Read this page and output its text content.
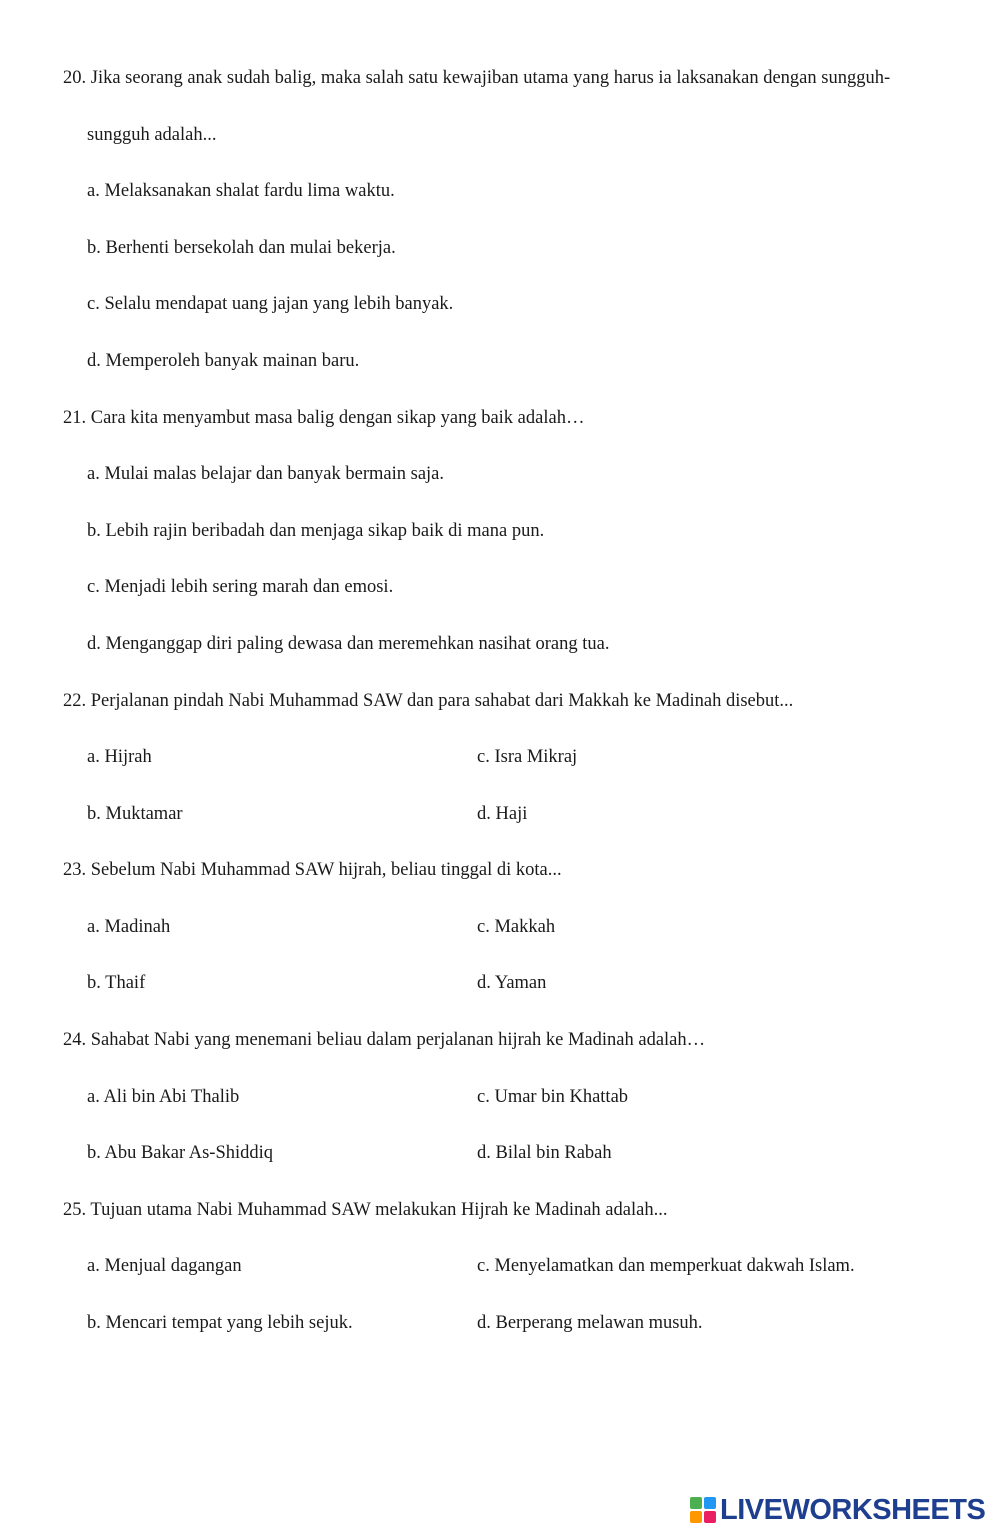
20. Jika seorang anak sudah balig, maka salah satu kewajiban utama yang harus ia laksanakan dengan sungguh-
sungguh adalah...
a. Melaksanakan shalat fardu lima waktu.
b. Berhenti bersekolah dan mulai bekerja.
c. Selalu mendapat uang jajan yang lebih banyak.
d. Memperoleh banyak mainan baru.
21. Cara kita menyambut masa balig dengan sikap yang baik adalah…
a. Mulai malas belajar dan banyak bermain saja.
b. Lebih rajin beribadah dan menjaga sikap baik di mana pun.
c. Menjadi lebih sering marah dan emosi.
d. Menganggap diri paling dewasa dan meremehkan nasihat orang tua.
22. Perjalanan pindah Nabi Muhammad SAW dan para sahabat dari Makkah ke Madinah disebut...
a. Hijrah	c. Isra Mikraj
b. Muktamar	d. Haji
23. Sebelum Nabi Muhammad SAW hijrah, beliau tinggal di kota...
a. Madinah	c. Makkah
b. Thaif	d. Yaman
24. Sahabat Nabi yang menemani beliau dalam perjalanan hijrah ke Madinah adalah…
a. Ali bin Abi Thalib	c. Umar bin Khattab
b. Abu Bakar As-Shiddiq	d. Bilal bin Rabah
25. Tujuan utama Nabi Muhammad SAW melakukan Hijrah ke Madinah adalah...
a. Menjual dagangan	c. Menyelamatkan dan memperkuat dakwah Islam.
b. Mencari tempat yang lebih sejuk.	d. Berperang melawan musuh.
LIVEWORKSHEETS
